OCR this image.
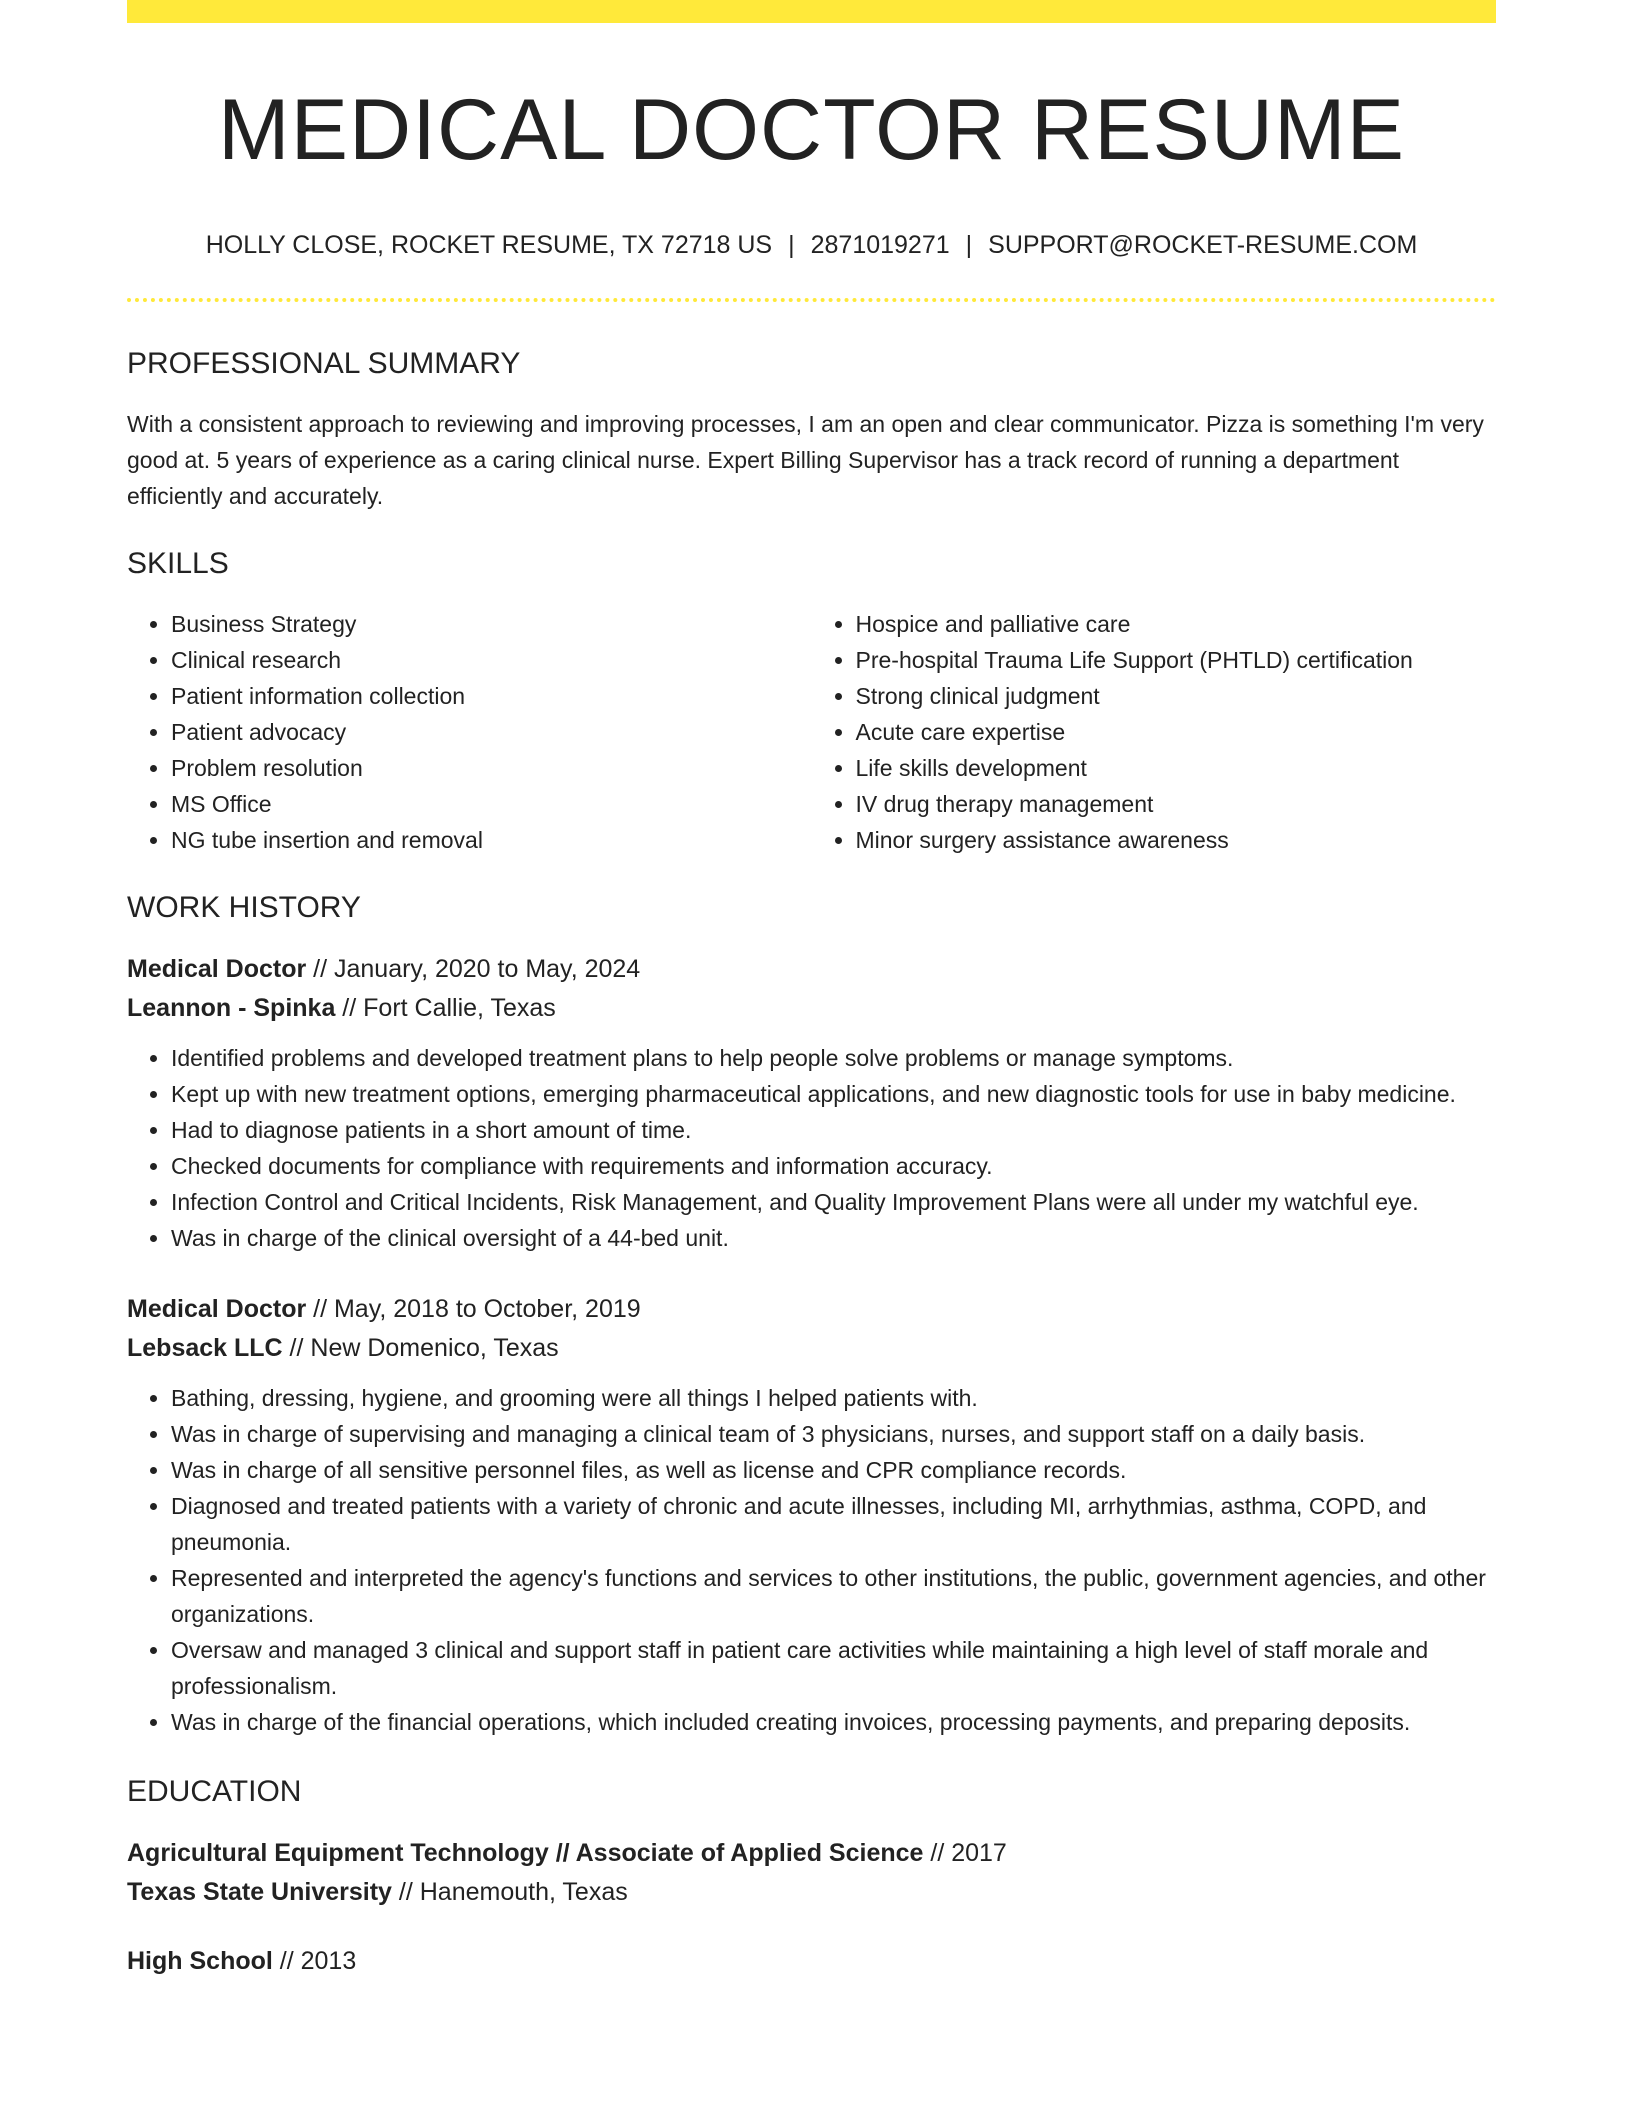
MEDICAL DOCTOR RESUME
HOLLY CLOSE, ROCKET RESUME, TX 72718 US | 2871019271 | SUPPORT@ROCKET-RESUME.COM
PROFESSIONAL SUMMARY
With a consistent approach to reviewing and improving processes, I am an open and clear communicator. Pizza is something I'm very good at. 5 years of experience as a caring clinical nurse. Expert Billing Supervisor has a track record of running a department efficiently and accurately.
SKILLS
• Business Strategy
• Clinical research
• Patient information collection
• Patient advocacy
• Problem resolution
• MS Office
• NG tube insertion and removal
• Hospice and palliative care
• Pre-hospital Trauma Life Support (PHTLD) certification
• Strong clinical judgment
• Acute care expertise
• Life skills development
• IV drug therapy management
• Minor surgery assistance awareness
WORK HISTORY
Medical Doctor // January, 2020 to May, 2024
Leannon - Spinka // Fort Callie, Texas
• Identified problems and developed treatment plans to help people solve problems or manage symptoms.
• Kept up with new treatment options, emerging pharmaceutical applications, and new diagnostic tools for use in baby medicine.
• Had to diagnose patients in a short amount of time.
• Checked documents for compliance with requirements and information accuracy.
• Infection Control and Critical Incidents, Risk Management, and Quality Improvement Plans were all under my watchful eye.
• Was in charge of the clinical oversight of a 44-bed unit.
Medical Doctor // May, 2018 to October, 2019
Lebsack LLC // New Domenico, Texas
• Bathing, dressing, hygiene, and grooming were all things I helped patients with.
• Was in charge of supervising and managing a clinical team of 3 physicians, nurses, and support staff on a daily basis.
• Was in charge of all sensitive personnel files, as well as license and CPR compliance records.
• Diagnosed and treated patients with a variety of chronic and acute illnesses, including MI, arrhythmias, asthma, COPD, and pneumonia.
• Represented and interpreted the agency's functions and services to other institutions, the public, government agencies, and other organizations.
• Oversaw and managed 3 clinical and support staff in patient care activities while maintaining a high level of staff morale and professionalism.
• Was in charge of the financial operations, which included creating invoices, processing payments, and preparing deposits.
EDUCATION
Agricultural Equipment Technology // Associate of Applied Science // 2017
Texas State University // Hanemouth, Texas
High School // 2013
